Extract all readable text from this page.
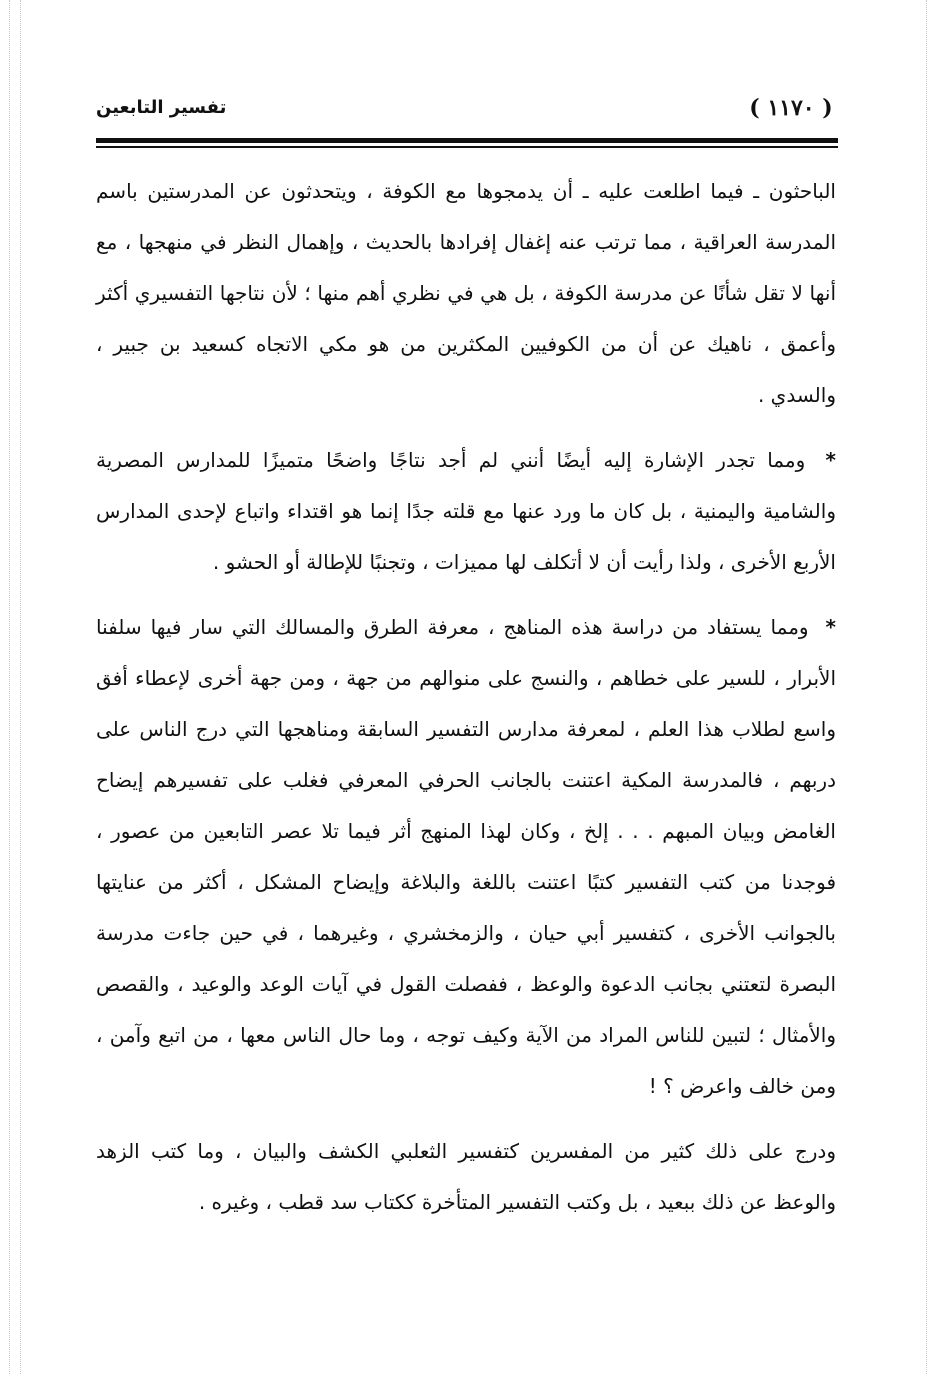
( ١١٧٠ )
تفسير التابعين

الباحثون ـ فيما اطلعت عليه ـ أن يدمجوها مع الكوفة ، ويتحدثون عن المدرستين باسم المدرسة العراقية ، مما ترتب عنه إغفال إفرادها بالحديث ، وإهمال النظر في منهجها ، مع أنها لا تقل شأنًا عن مدرسة الكوفة ، بل هي في نظري أهم منها ؛ لأن نتاجها التفسيري أكثر وأعمق ، ناهيك عن أن من الكوفيين المكثرين من هو مكي الاتجاه كسعيد بن جبير ، والسدي .

* ومما تجدر الإشارة إليه أيضًا أنني لم أجد نتاجًا واضحًا متميزًا للمدارس المصرية والشامية واليمنية ، بل كان ما ورد عنها مع قلته جدًا إنما هو اقتداء واتباع لإحدى المدارس الأربع الأخرى ، ولذا رأيت أن لا أتكلف لها مميزات ، وتجنبًا للإطالة أو الحشو .

* ومما يستفاد من دراسة هذه المناهج ، معرفة الطرق والمسالك التي سار فيها سلفنا الأبرار ، للسير على خطاهم ، والنسج على منوالهم من جهة ، ومن جهة أخرى لإعطاء أفق واسع لطلاب هذا العلم ، لمعرفة مدارس التفسير السابقة ومناهجها التي درج الناس على دربهم ، فالمدرسة المكية اعتنت بالجانب الحرفي المعرفي فغلب على تفسيرهم إيضاح الغامض وبيان المبهم . . . إلخ ، وكان لهذا المنهج أثر فيما تلا عصر التابعين من عصور ، فوجدنا من كتب التفسير كتبًا اعتنت باللغة والبلاغة وإيضاح المشكل ، أكثر من عنايتها بالجوانب الأخرى ، كتفسير أبي حيان ، والزمخشري ، وغيرهما ، في حين جاءت مدرسة البصرة لتعتني بجانب الدعوة والوعظ ، ففصلت القول في آيات الوعد والوعيد ، والقصص والأمثال ؛ لتبين للناس المراد من الآية وكيف توجه ، وما حال الناس معها ، من اتبع وآمن ، ومن خالف واعرض ؟ !

ودرج على ذلك كثير من المفسرين كتفسير الثعلبي الكشف والبيان ، وما كتب الزهد والوعظ عن ذلك ببعيد ، بل وكتب التفسير المتأخرة ككتاب سد قطب ، وغيره .
